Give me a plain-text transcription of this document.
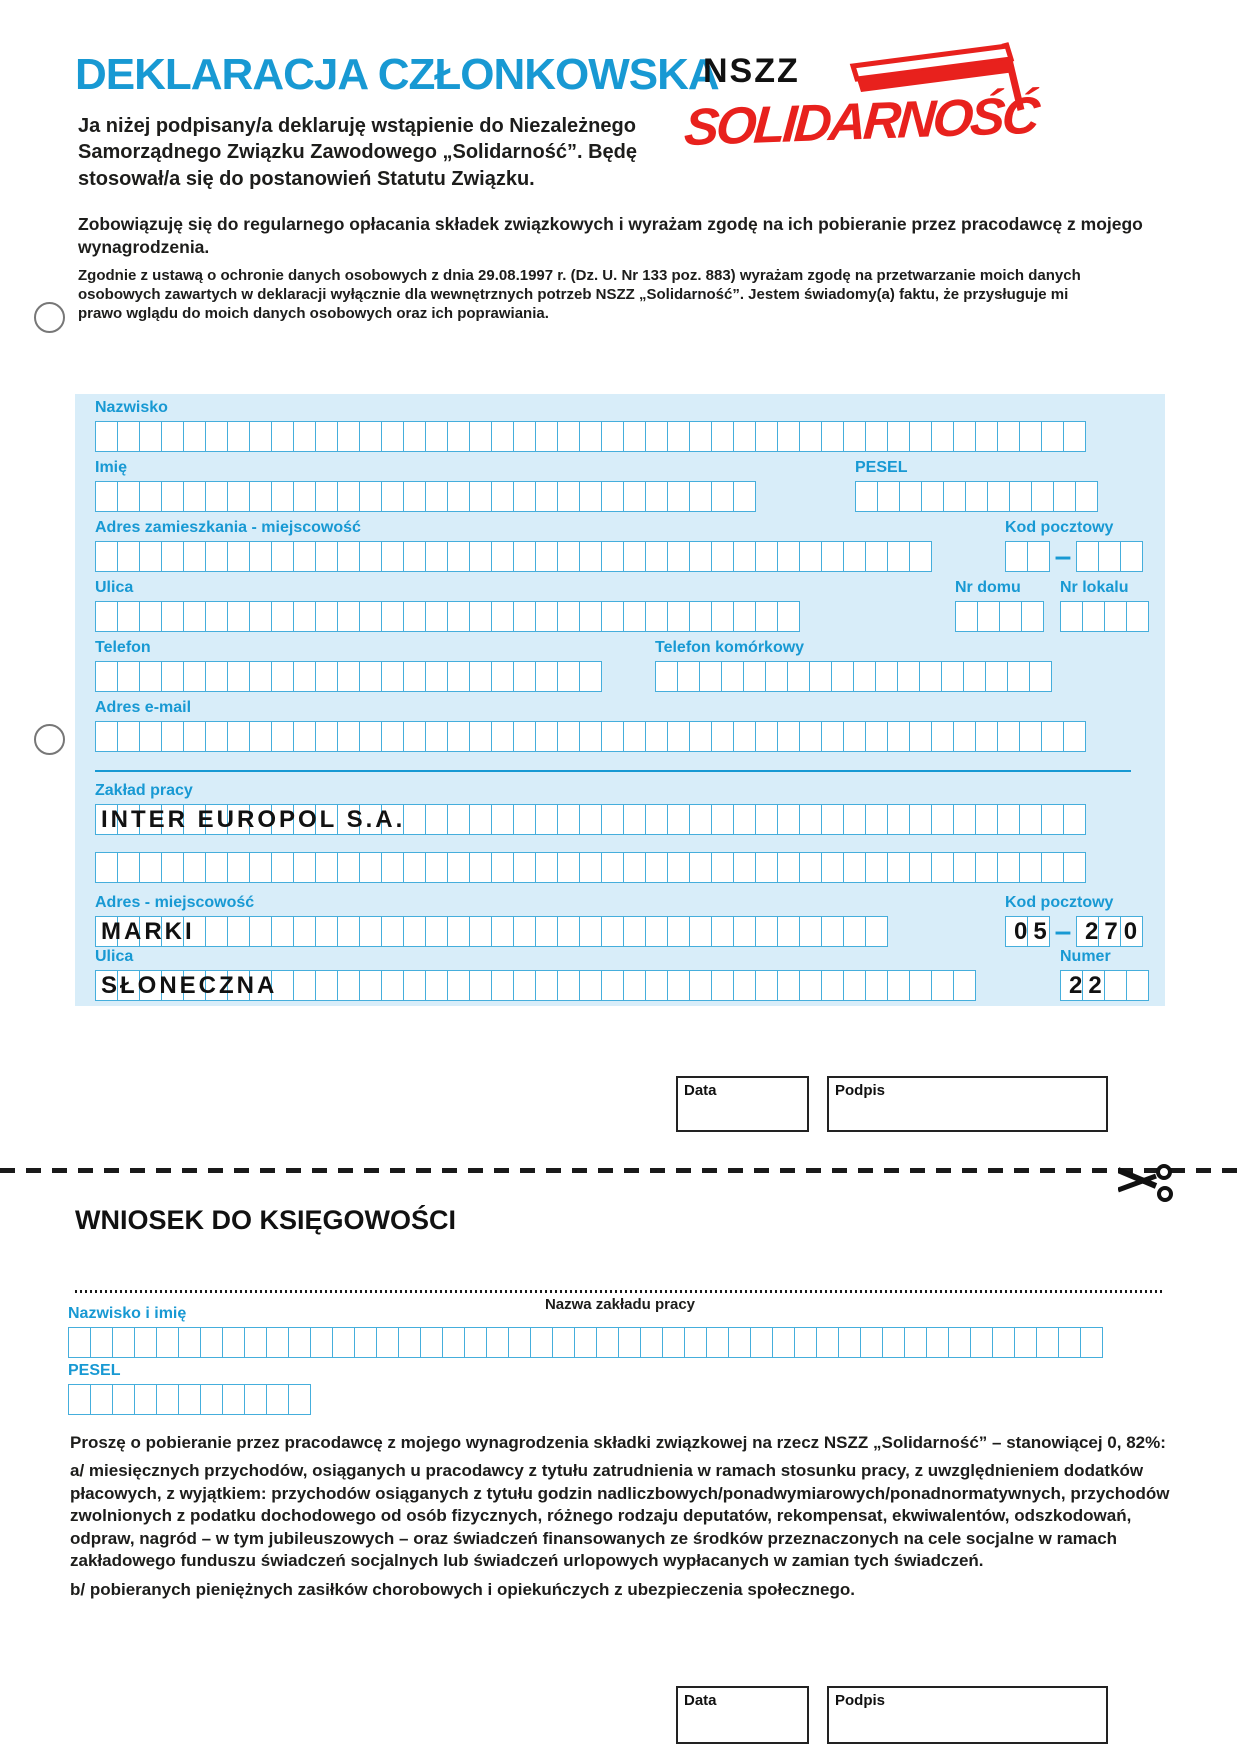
DEKLARACJA CZŁONKOWSKA
NSZZ
SOLIDARNOŚĆ
Ja niżej podpisany/a deklaruję wstąpienie do Niezależnego Samorządnego Związku Zawodowego „Solidarność”. Będę stosował/a się do postanowień Statutu Związku.
Zobowiązuję się do regularnego opłacania składek związkowych i wyrażam zgodę na ich pobieranie przez pracodawcę z mojego wynagrodzenia.
Zgodnie z ustawą o ochronie danych osobowych z dnia 29.08.1997 r. (Dz. U. Nr 133 poz. 883) wyrażam zgodę na przetwarzanie moich danych osobowych zawartych w deklaracji wyłącznie dla wewnętrznych potrzeb NSZZ „Solidarność”. Jestem świadomy(a) faktu, że przysługuje mi prawo wglądu do moich danych osobowych oraz ich poprawiania.
Nazwisko
Imię	PESEL
Adres zamieszkania - miejscowość	Kod pocztowy
–
Ulica	Nr domu	Nr lokalu
Telefon	Telefon komórkowy
Adres e-mail
Zakład pracy
INTER EUROPOL S.A.
Adres - miejscowość
MARKI
Kod pocztowy
05 – 270
Ulica
SŁONECZNA
Numer
22
Data	Podpis
WNIOSEK DO KSIĘGOWOŚCI
Nazwa zakładu pracy
Nazwisko i imię
PESEL

Proszę o pobieranie przez pracodawcę z mojego wynagrodzenia składki związkowej na rzecz NSZZ „Solidarność” – stanowiącej 0, 82%:

a/ miesięcznych przychodów, osiąganych u pracodawcy z tytułu zatrudnienia w ramach stosunku pracy, z uwzględnieniem dodatków płacowych, z wyjątkiem: przychodów osiąganych z tytułu godzin nadliczbowych/ponadwymiarowych/ponadnormatywnych, przychodów zwolnionych z podatku dochodowego od osób fizycznych, różnego rodzaju deputatów, rekompensat, ekwiwalentów, odszkodowań, odpraw, nagród – w tym jubileuszowych – oraz świadczeń finansowanych ze środków przeznaczonych na cele socjalne w ramach zakładowego funduszu świadczeń socjalnych lub świadczeń urlopowych wypłacanych w zamian tych świadczeń.

b/ pobieranych pieniężnych zasiłków chorobowych i opiekuńczych z ubezpieczenia społecznego.

Data	Podpis
